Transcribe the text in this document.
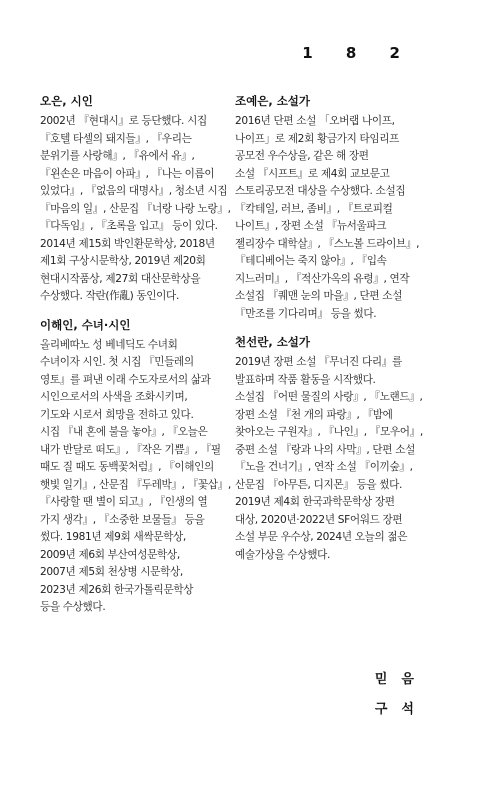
1 8 2
오은, 시인

2002년 『현대시』로 등단했다. 시집
『호텔 타셀의 돼지들』, 『우리는
분위기를 사랑해』, 『유에서 유』,
『왼손은 마음이 아파』, 『나는 이름이
있었다』, 『없음의 대명사』, 청소년 시집
『마음의 일』, 산문집 『너랑 나랑 노랑』,
『다독임』, 『초록을 입고』 등이 있다.
2014년 제15회 박인환문학상, 2018년
제1회 구상시문학상, 2019년 제20회
현대시작품상, 제27회 대산문학상을
수상했다. 작란(作亂) 동인이다.

이해인, 수녀·시인

올리베따노 성 베네딕도 수녀회
수녀이자 시인. 첫 시집 『민들레의
영토』를 펴낸 이래 수도자로서의 삶과
시인으로서의 사색을 조화시키며,
기도와 시로서 희망을 전하고 있다.
시집 『내 혼에 불을 놓아』, 『오늘은
내가 반달로 떠도』, 『작은 기쁨』, 『필
때도 질 때도 동백꽃처럼』, 『이해인의
햇빛 일기』, 산문집 『두레박』, 『꽃삽』,
『사랑할 땐 별이 되고』, 『인생의 열
가지 생각』, 『소중한 보물들』 등을
썼다. 1981년 제9회 새싹문학상,
2009년 제6회 부산여성문학상,
2007년 제5회 천상병 시문학상,
2023년 제26회 한국가톨릭문학상
등을 수상했다.

조예은, 소설가

2016년 단편 소설 「오버랩 나이프,
나이프」로 제2회 황금가지 타임리프
공모전 우수상을, 같은 해 장편
소설 『시프트』로 제4회 교보문고
스토리공모전 대상을 수상했다. 소설집
『칵테일, 러브, 좀비』, 『트로피컬
나이트』, 장편 소설 『뉴서울파크
젤리장수 대학살』, 『스노볼 드라이브』,
『테디베어는 죽지 않아』, 『입속
지느러미』, 『적산가옥의 유령』, 연작
소설집 『퀘맨 눈의 마을』, 단편 소설
『만조를 기다리며』 등을 썼다.

천선란, 소설가

2019년 장편 소설 『무너진 다리』를
발표하며 작품 활동을 시작했다.
소설집 『어떤 물질의 사랑』, 『노랜드』,
장편 소설 『천 개의 파랑』, 『밤에
찾아오는 구원자』, 『나인』, 『모우어』,
중편 소설 『랑과 나의 사막』, 단편 소설
『노을 건너기』, 연작 소설 『이끼숲』,
산문집 『아무튼, 디지몬』 등을 썼다.
2019년 제4회 한국과학문학상 장편
대상, 2020년·2022년 SF어워드 장편
소설 부문 우수상, 2024년 오늘의 젊은
예술가상을 수상했다.

믿음
구석
